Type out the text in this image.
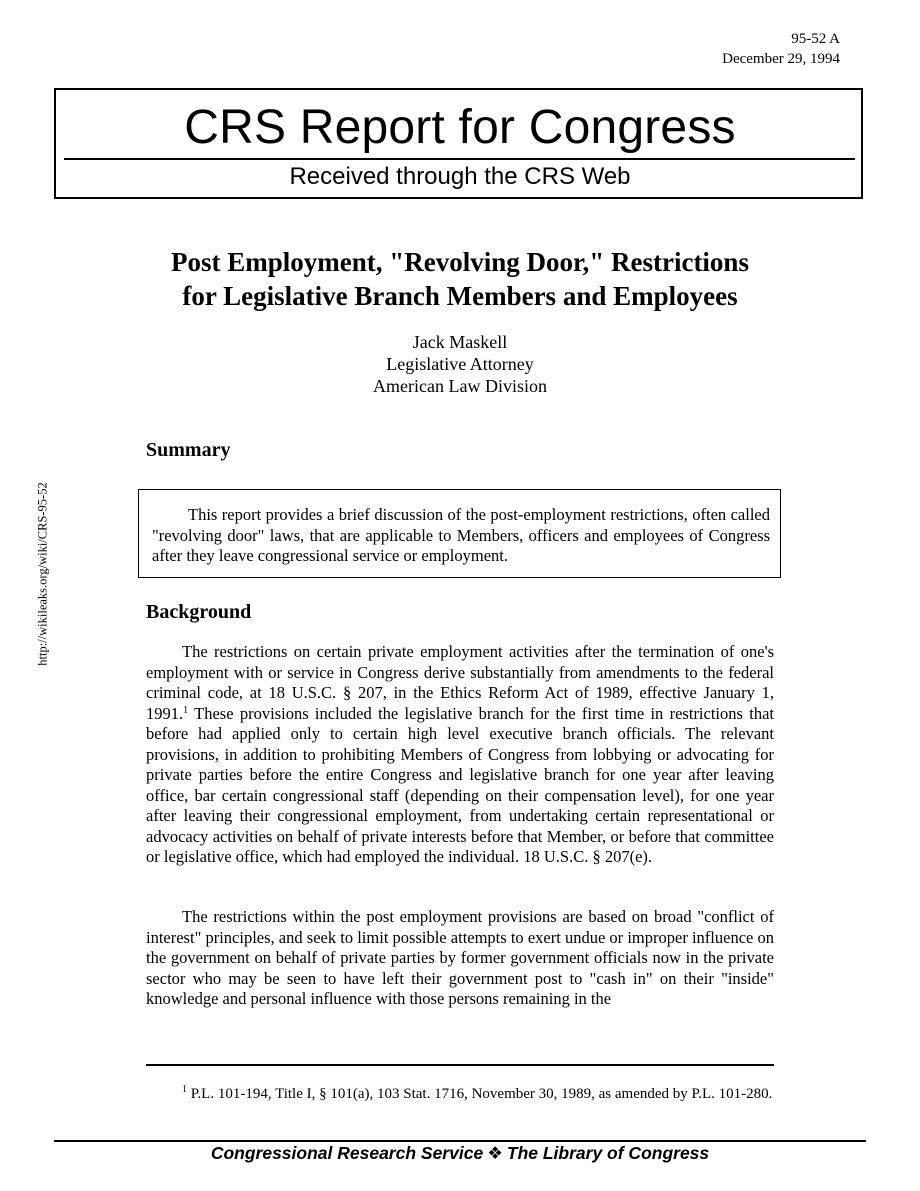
95-52 A
December 29, 1994
CRS Report for Congress
Received through the CRS Web
http://wikileaks.org/wiki/CRS-95-52
Post Employment, "Revolving Door," Restrictions
for Legislative Branch Members and Employees
Jack Maskell
Legislative Attorney
American Law Division
Summary
This report provides a brief discussion of the post-employment restrictions, often called "revolving door" laws, that are applicable to Members, officers and employees of Congress after they leave congressional service or employment.
Background
The restrictions on certain private employment activities after the termination of one's employment with or service in Congress derive substantially from amendments to the federal criminal code, at 18 U.S.C. § 207, in the Ethics Reform Act of 1989, effective January 1, 1991.$^1$ These provisions included the legislative branch for the first time in restrictions that before had applied only to certain high level executive branch officials. The relevant provisions, in addition to prohibiting Members of Congress from lobbying or advocating for private parties before the entire Congress and legislative branch for one year after leaving office, bar certain congressional staff (depending on their compensation level), for one year after leaving their congressional employment, from undertaking certain representational or advocacy activities on behalf of private interests before that Member, or before that committee or legislative office, which had employed the individual. 18 U.S.C. § 207(e).
The restrictions within the post employment provisions are based on broad "conflict of interest" principles, and seek to limit possible attempts to exert undue or improper influence on the government on behalf of private parties by former government officials now in the private sector who may be seen to have left their government post to "cash in" on their "inside" knowledge and personal influence with those persons remaining in the
$^1$ P.L. 101-194, Title I, § 101(a), 103 Stat. 1716, November 30, 1989, as amended by P.L. 101-280.
Congressional Research Service ❖ The Library of Congress
